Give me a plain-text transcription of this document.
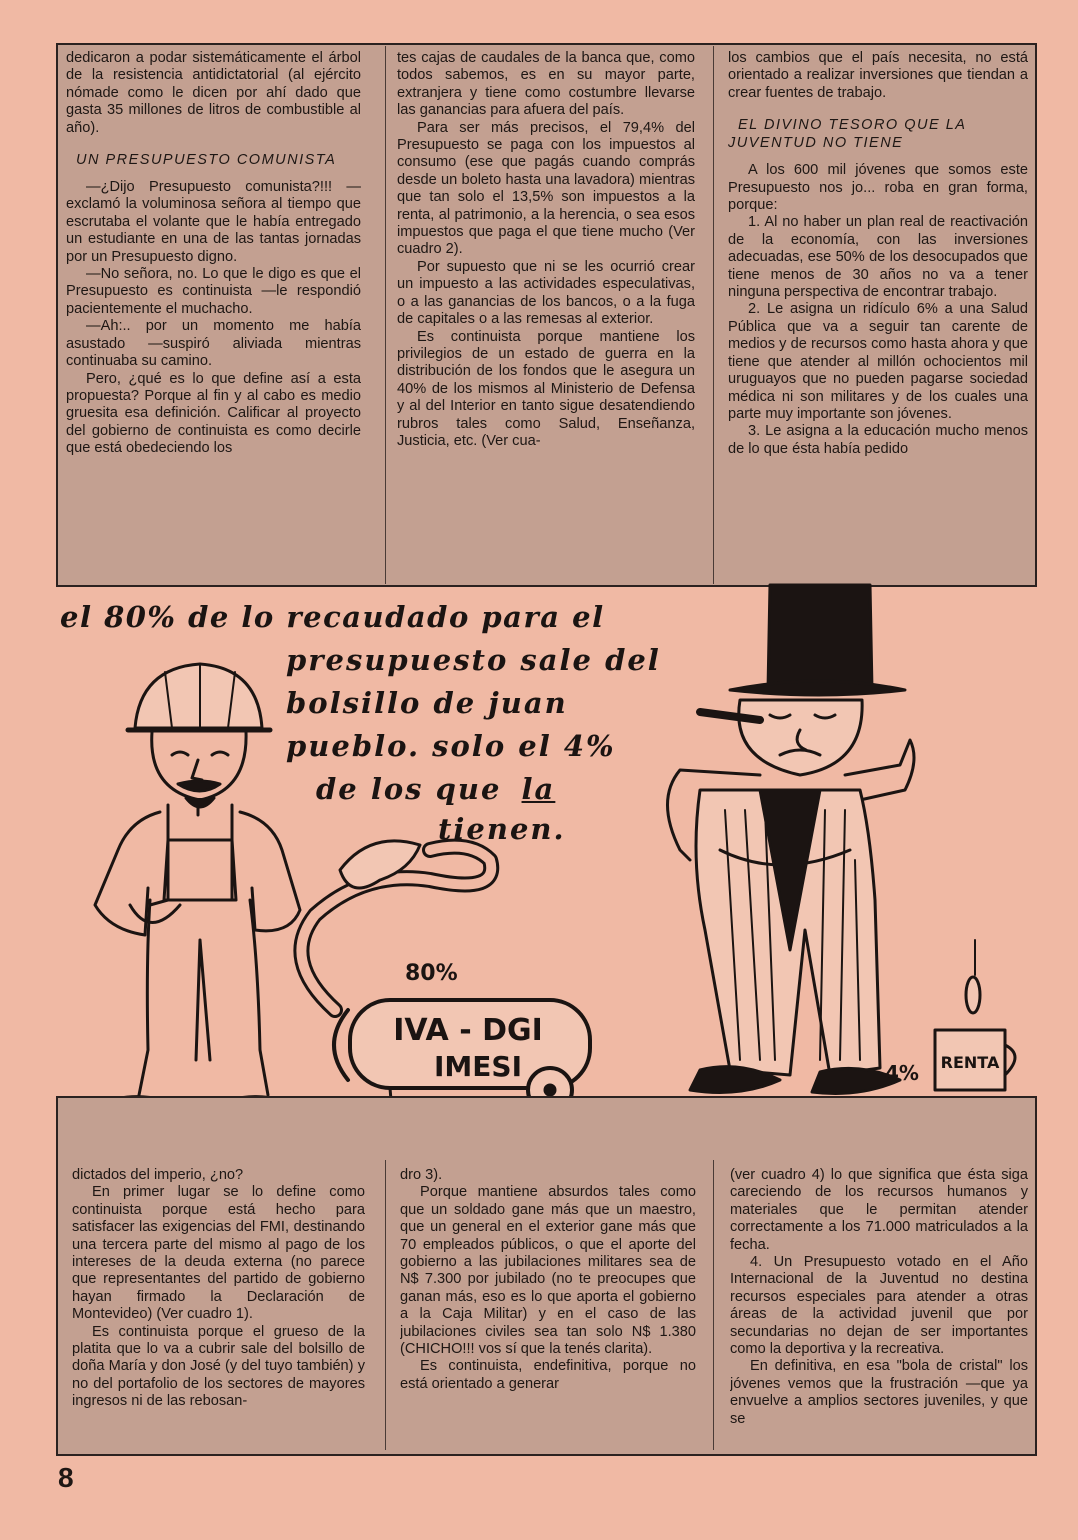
dedicaron a podar sistemáticamente el árbol de la resistencia antidictatorial (al ejército nómade como le dicen por ahí dado que gasta 35 millones de litros de combustible al año).

UN PRESUPUESTO COMUNISTA

—¿Dijo Presupuesto comunista?!!! —exclamó la voluminosa señora al tiempo que escrutaba el volante que le había entregado un estudiante en una de las tantas jornadas por un Presupuesto digno.

—No señora, no. Lo que le digo es que el Presupuesto es continuista —le respondió pacientemente el muchacho.

—Ah:.. por un momento me había asustado —suspiró aliviada mientras continuaba su camino.

Pero, ¿qué es lo que define así a esta propuesta? Porque al fin y al cabo es medio gruesita esa definición. Calificar al proyecto del gobierno de continuista es como decirle que está obedeciendo los

tes cajas de caudales de la banca que, como todos sabemos, es en su mayor parte, extranjera y tiene como costumbre llevarse las ganancias para afuera del país.

Para ser más precisos, el 79,4% del Presupuesto se paga con los impuestos al consumo (ese que pagás cuando comprás desde un boleto hasta una lavadora) mientras que tan solo el 13,5% son impuestos a la renta, al patrimonio, a la herencia, o sea esos impuestos que paga el que tiene mucho (Ver cuadro 2).

Por supuesto que ni se les ocurrió crear un impuesto a las actividades especulativas, o a las ganancias de los bancos, o a la fuga de capitales o a las remesas al exterior.

Es continuista porque mantiene los privilegios de un estado de guerra en la distribución de los fondos que le asegura un 40% de los mismos al Ministerio de Defensa y al del Interior en tanto sigue desatendiendo rubros tales como Salud, Enseñanza, Justicia, etc. (Ver cua-

los cambios que el país necesita, no está orientado a realizar inversiones que tiendan a crear fuentes de trabajo.

EL DIVINO TESORO QUE LA JUVENTUD NO TIENE

A los 600 mil jóvenes que somos este Presupuesto nos jo... roba en gran forma, porque:

1. Al no haber un plan real de reactivación de la economía, con las inversiones adecuadas, ese 50% de los desocupados que tiene menos de 30 años no va a tener ninguna perspectiva de encontrar trabajo.

2. Le asigna un ridículo 6% a una Salud Pública que va a seguir tan carente de medios y de recursos como hasta ahora y que tiene que atender al millón ochocientos mil uruguayos que no pueden pagarse sociedad médica ni son militares y de los cuales una parte muy importante son jóvenes.

3. Le asigna a la educación mucho menos de lo que ésta había pedido

el 80% de lo recaudado para el
presupuesto sale del
bolsillo de juan
pueblo. solo el 4%
de los que la
tienen.
80%
IVA - DGI
IMESI	4% RENTA

dictados del imperio, ¿no?

En primer lugar se lo define como continuista porque está hecho para satisfacer las exigencias del FMI, destinando una tercera parte del mismo al pago de los intereses de la deuda externa (no parece que representantes del partido de gobierno hayan firmado la Declaración de Montevideo) (Ver cuadro 1).

Es continuista porque el grueso de la platita que lo va a cubrir sale del bolsillo de doña María y don José (y del tuyo también) y no del portafolio de los sectores de mayores ingresos ni de las rebosan-

dro 3).

Porque mantiene absurdos tales como que un soldado gane más que un maestro, que un general en el exterior gane más que 70 empleados públicos, o que el aporte del gobierno a las jubilaciones militares sea de N$ 7.300 por jubilado (no te preocupes que ganan más, eso es lo que aporta el gobierno a la Caja Militar) y en el caso de las jubilaciones civiles sea tan solo N$ 1.380 (CHICHO!!! vos sí que la tenés clarita).

Es continuista, endefinitiva, porque no está orientado a generar

(ver cuadro 4) lo que significa que ésta siga careciendo de los recursos humanos y materiales que le permitan atender correctamente a los 71.000 matriculados a la fecha.

4. Un Presupuesto votado en el Año Internacional de la Juventud no destina recursos especiales para atender a otras áreas de la actividad juvenil que por secundarias no dejan de ser importantes como la deportiva y la recreativa.

En definitiva, en esa "bola de cristal" los jóvenes vemos que la frustración —que ya envuelve a amplios sectores juveniles, y que se

8
